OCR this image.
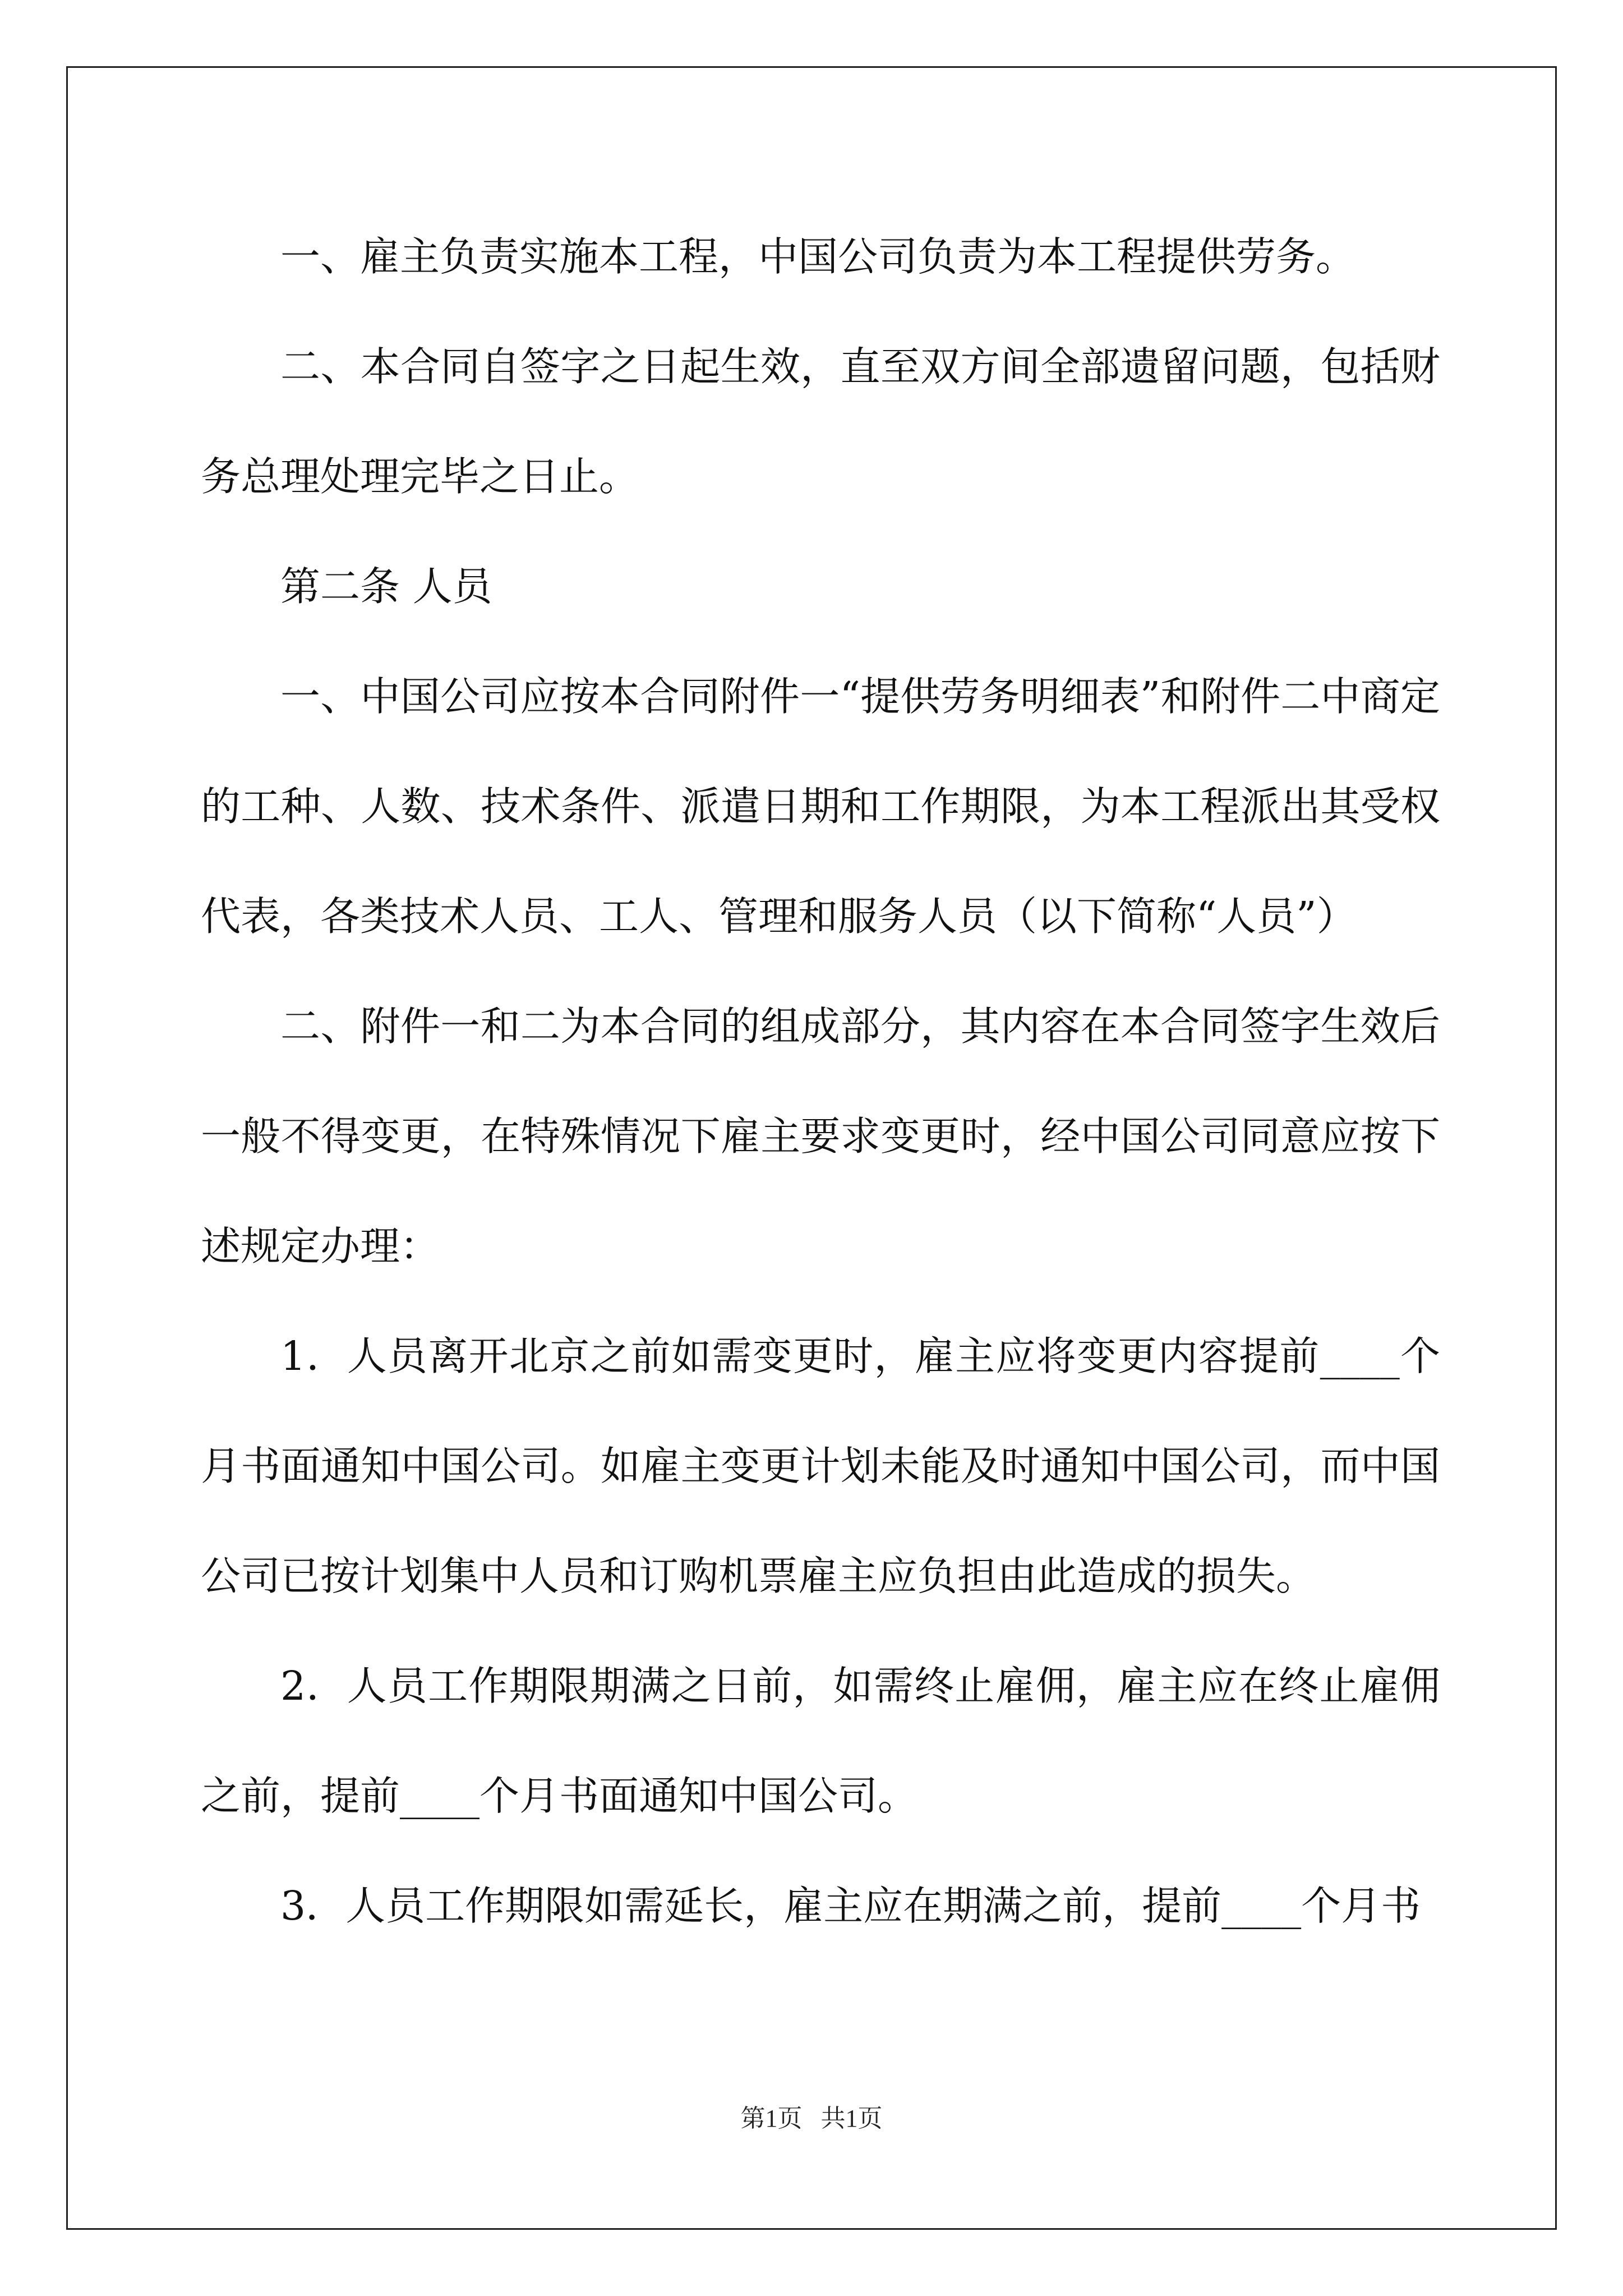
一、雇主负责实施本工程，中国公司负责为本工程提供劳务。

二、本合同自签字之日起生效，直至双方间全部遗留问题，包括财务总理处理完毕之日止。

第二条 人员

一、中国公司应按本合同附件一“提供劳务明细表”和附件二中商定的工种、人数、技术条件、派遣日期和工作期限，为本工程派出其受权代表，各类技术人员、工人、管理和服务人员（以下简称“人员”）

二、附件一和二为本合同的组成部分，其内容在本合同签字生效后一般不得变更，在特殊情况下雇主要求变更时，经中国公司同意应按下述规定办理：

1．人员离开北京之前如需变更时，雇主应将变更内容提前____个月书面通知中国公司。如雇主变更计划未能及时通知中国公司，而中国公司已按计划集中人员和订购机票雇主应负担由此造成的损失。

2．人员工作期限期满之日前，如需终止雇佣，雇主应在终止雇佣之前，提前____个月书面通知中国公司。

3．人员工作期限如需延长，雇主应在期满之前，提前____个月书

第1页   共1页
